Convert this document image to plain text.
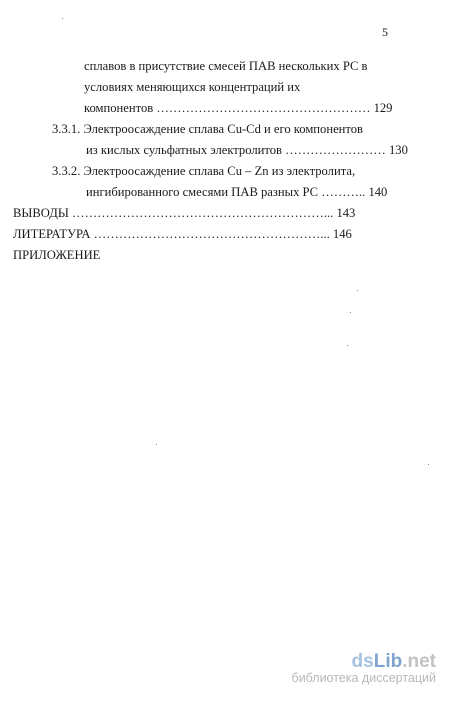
5
сплавов в присутствие смесей ПАВ нескольких РС в
условиях меняющихся концентраций их
компонентов …………………………………………… 129
3.3.1. Электроосаждение сплава Cu-Cd и его компонентов
из кислых сульфатных электролитов …………………… 130
3.3.2. Электроосаждение сплава Cu – Zn из электролита,
ингибированного смесями ПАВ разных РС ……….. 140
ВЫВОДЫ ……………………………………………………... 143
ЛИТЕРАТУРА ………………………………………………... 146
ПРИЛОЖЕНИЕ
dsLib.net
библиотека диссертаций
